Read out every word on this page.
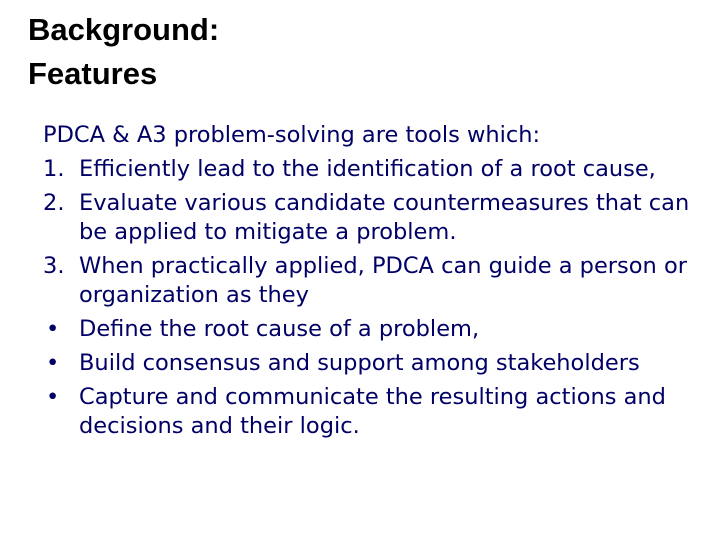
Background:
Features

PDCA & A3 problem-solving are tools which:

1. Efficiently lead to the identification of a root cause,
2. Evaluate various candidate countermeasures that can be applied to mitigate a problem.
3. When practically applied, PDCA can guide a person or organization as they
• Define the root cause of a problem,
• Build consensus and support among stakeholders
• Capture and communicate the resulting actions and decisions and their logic.
